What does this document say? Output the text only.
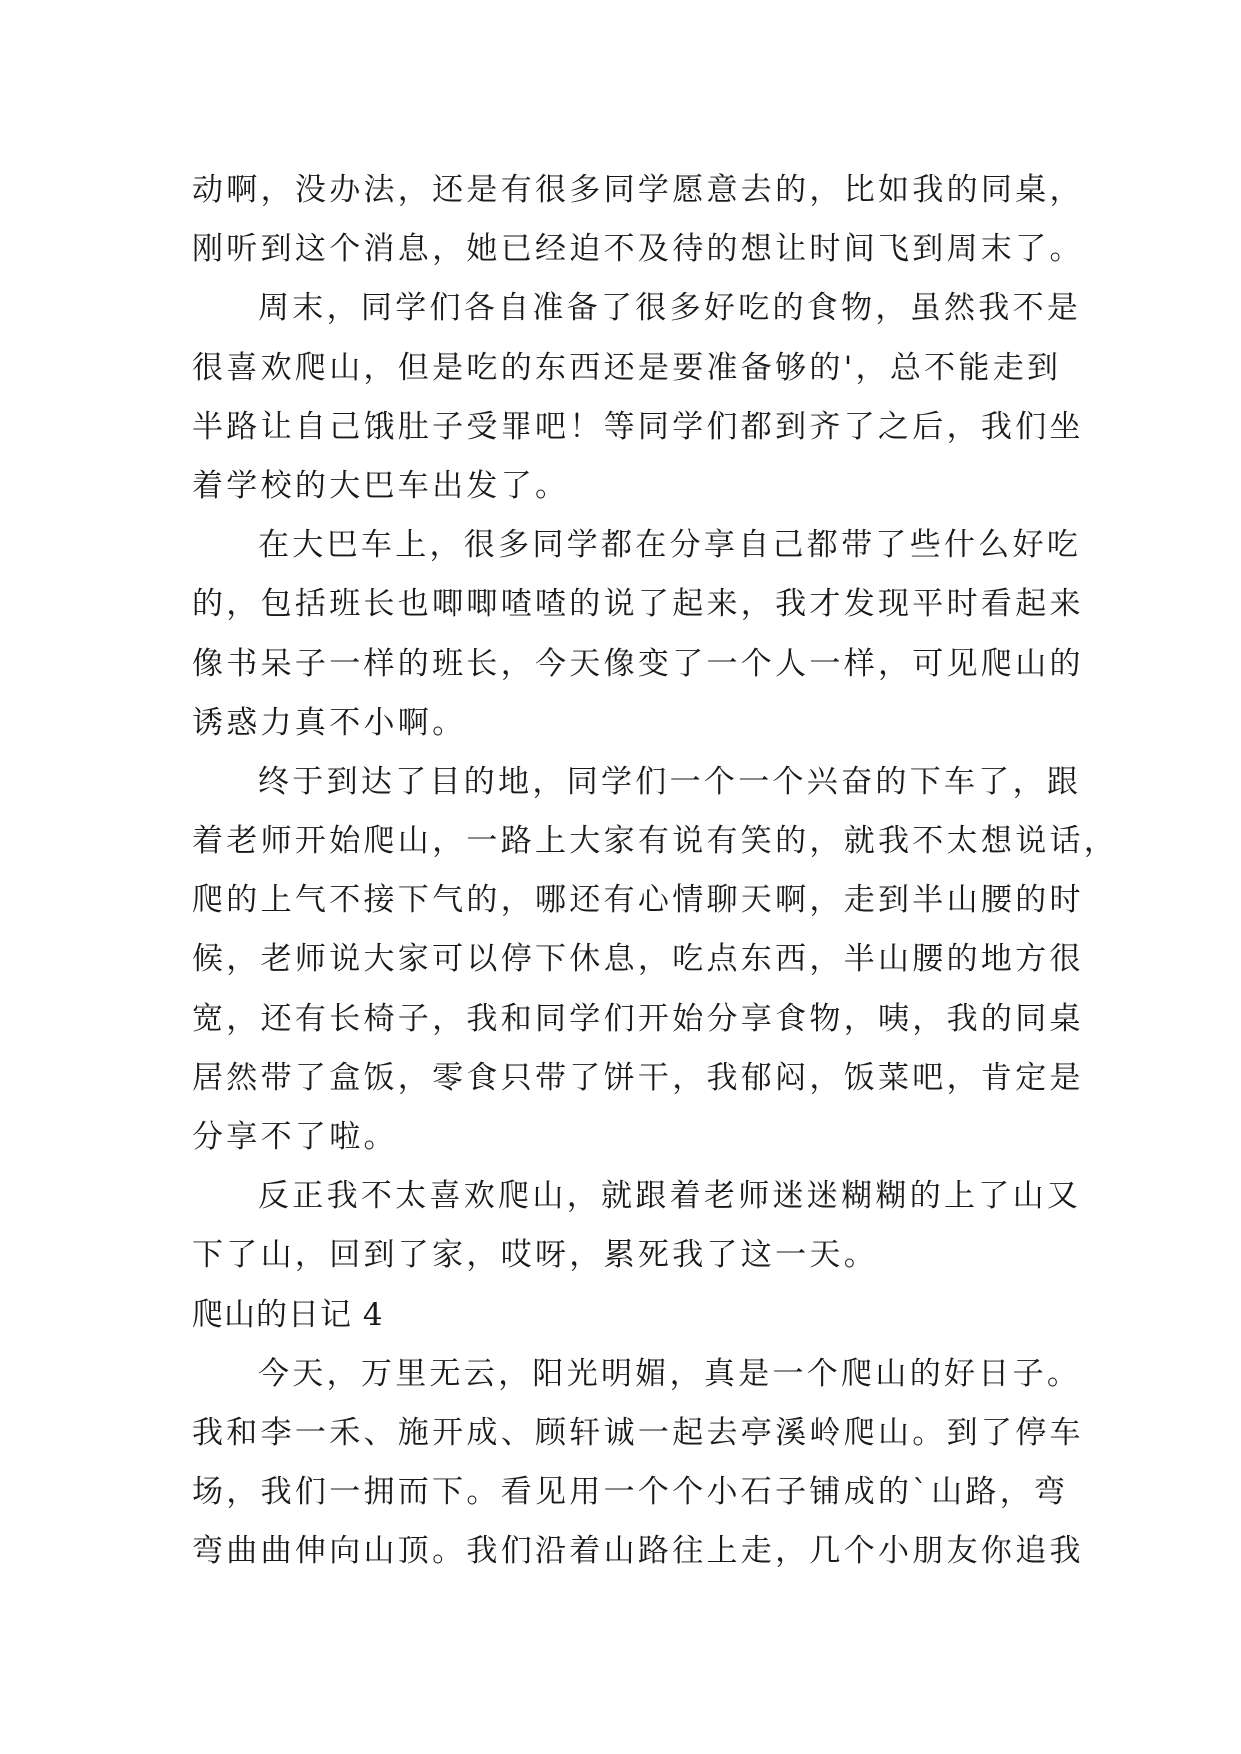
动啊，没办法，还是有很多同学愿意去的，比如我的同桌，
刚听到这个消息，她已经迫不及待的想让时间飞到周末了。
周末，同学们各自准备了很多好吃的食物，虽然我不是
很喜欢爬山，但是吃的东西还是要准备够的'，总不能走到
半路让自己饿肚子受罪吧！等同学们都到齐了之后，我们坐
着学校的大巴车出发了。
在大巴车上，很多同学都在分享自己都带了些什么好吃
的，包括班长也唧唧喳喳的说了起来，我才发现平时看起来
像书呆子一样的班长，今天像变了一个人一样，可见爬山的
诱惑力真不小啊。
终于到达了目的地，同学们一个一个兴奋的下车了，跟
着老师开始爬山，一路上大家有说有笑的，就我不太想说话，
爬的上气不接下气的，哪还有心情聊天啊，走到半山腰的时
候，老师说大家可以停下休息，吃点东西，半山腰的地方很
宽，还有长椅子，我和同学们开始分享食物，咦，我的同桌
居然带了盒饭，零食只带了饼干，我郁闷，饭菜吧，肯定是
分享不了啦。
反正我不太喜欢爬山，就跟着老师迷迷糊糊的上了山又
下了山，回到了家，哎呀，累死我了这一天。
爬山的日记 4
今天，万里无云，阳光明媚，真是一个爬山的好日子。
我和李一禾、施开成、顾轩诚一起去亭溪岭爬山。到了停车
场，我们一拥而下。看见用一个个小石子铺成的`山路，弯
弯曲曲伸向山顶。我们沿着山路往上走，几个小朋友你追我
